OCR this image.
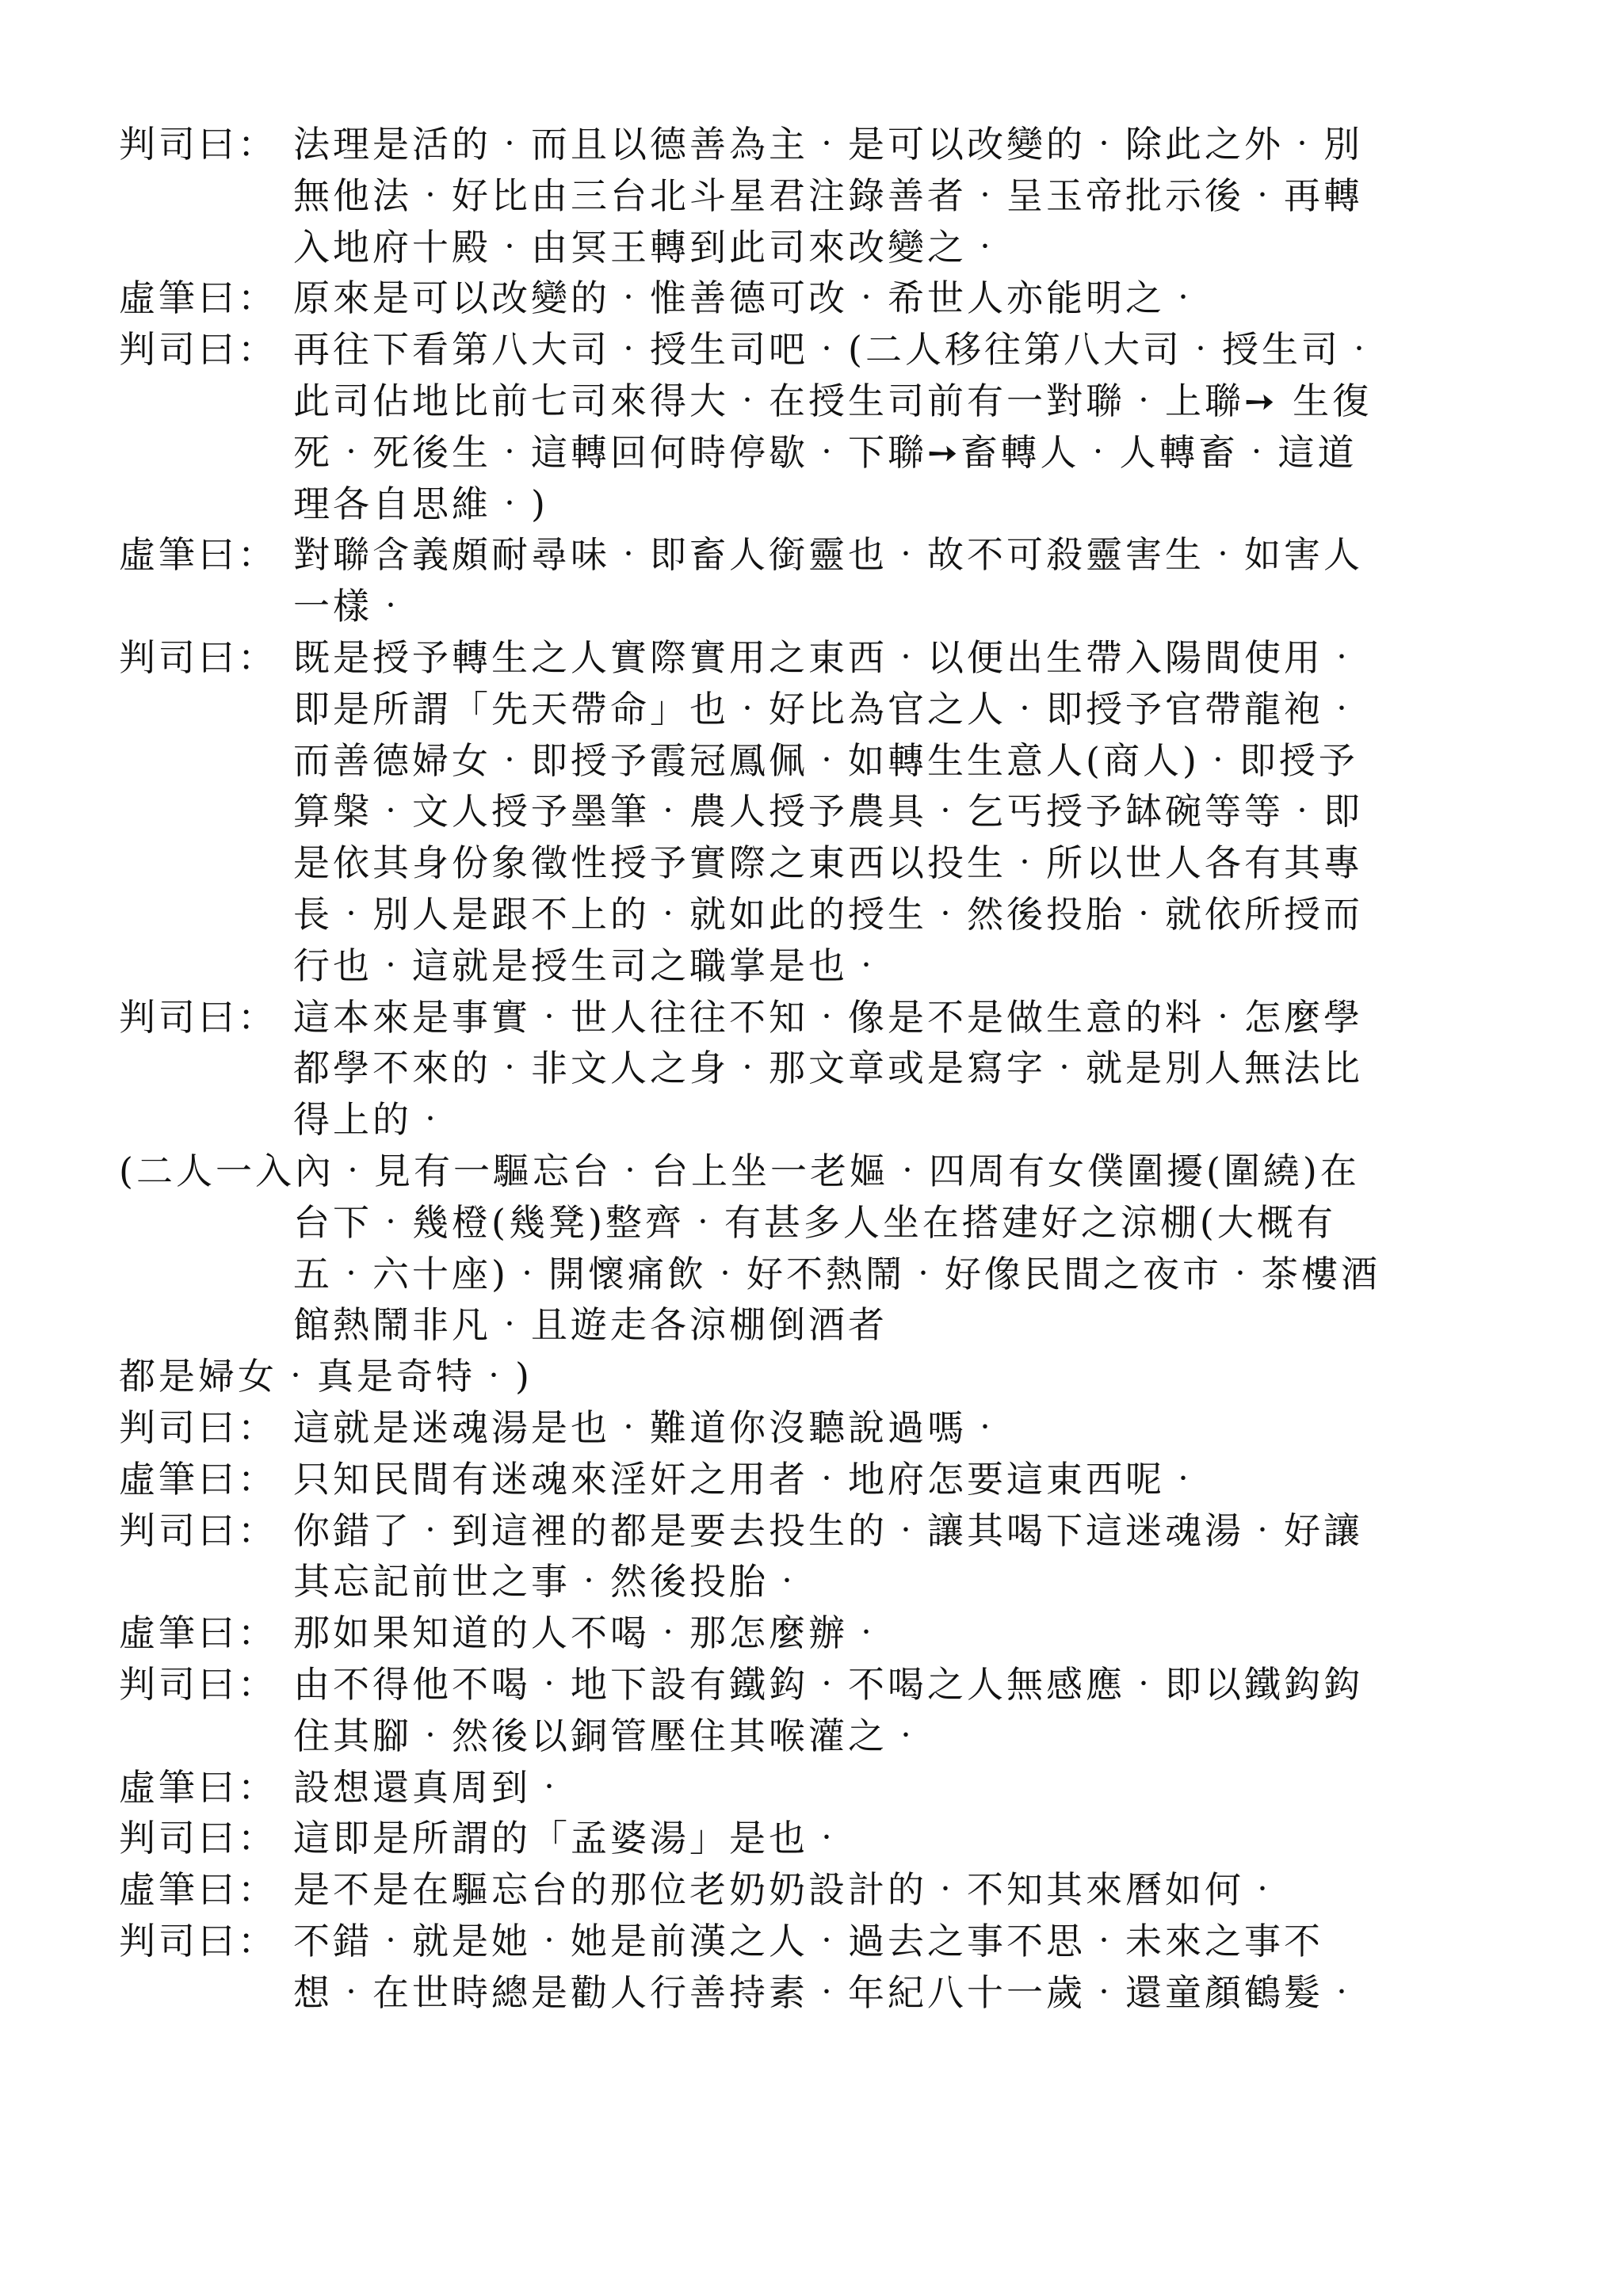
判司曰： 法理是活的‧而且以德善為主‧是可以改變的‧除此之外‧別
無他法‧好比由三台北斗星君注錄善者‧呈玉帝批示後‧再轉
入地府十殿‧由冥王轉到此司來改變之‧
虛筆曰： 原來是可以改變的‧惟善德可改‧希世人亦能明之‧
判司曰： 再往下看第八大司‧授生司吧‧(二人移往第八大司‧授生司‧
此司佔地比前七司來得大‧在授生司前有一對聯‧上聯➙ 生復
死‧死後生‧這轉回何時停歇‧下聯➙畜轉人‧人轉畜‧這道
理各自思維‧)
虛筆曰： 對聯含義頗耐尋味‧即畜人銜靈也‧故不可殺靈害生‧如害人
一樣‧
判司曰： 既是授予轉生之人實際實用之東西‧以便出生帶入陽間使用‧
即是所謂「先天帶命」也‧好比為官之人‧即授予官帶龍袍‧
而善德婦女‧即授予霞冠鳳佩‧如轉生生意人(商人)‧即授予
算槃‧文人授予墨筆‧農人授予農具‧乞丐授予缽碗等等‧即
是依其身份象徵性授予實際之東西以投生‧所以世人各有其專
長‧別人是跟不上的‧就如此的授生‧然後投胎‧就依所授而
行也‧這就是授生司之職掌是也‧
判司曰： 這本來是事實‧世人往往不知‧像是不是做生意的料‧怎麼學
都學不來的‧非文人之身‧那文章或是寫字‧就是別人無法比
得上的‧
(二人一入內‧見有一驅忘台‧台上坐一老嫗‧四周有女僕圍擾(圍繞)在
台下‧幾橙(幾凳)整齊‧有甚多人坐在搭建好之涼棚(大概有
五‧六十座)‧開懷痛飲‧好不熱鬧‧好像民間之夜市‧茶樓酒
館熱鬧非凡‧且遊走各涼棚倒酒者
都是婦女‧真是奇特‧)
判司曰： 這就是迷魂湯是也‧難道你沒聽說過嗎‧
虛筆曰： 只知民間有迷魂來淫奸之用者‧地府怎要這東西呢‧
判司曰： 你錯了‧到這裡的都是要去投生的‧讓其喝下這迷魂湯‧好讓
其忘記前世之事‧然後投胎‧
虛筆曰： 那如果知道的人不喝‧那怎麼辦‧
判司曰： 由不得他不喝‧地下設有鐵鈎‧不喝之人無感應‧即以鐵鈎鈎
住其腳‧然後以銅管壓住其喉灌之‧
虛筆曰： 設想還真周到‧
判司曰： 這即是所謂的「孟婆湯」是也‧
虛筆曰： 是不是在驅忘台的那位老奶奶設計的‧不知其來曆如何‧
判司曰： 不錯‧就是她‧她是前漢之人‧過去之事不思‧未來之事不
想‧在世時總是勸人行善持素‧年紀八十一歲‧還童顏鶴髮‧
